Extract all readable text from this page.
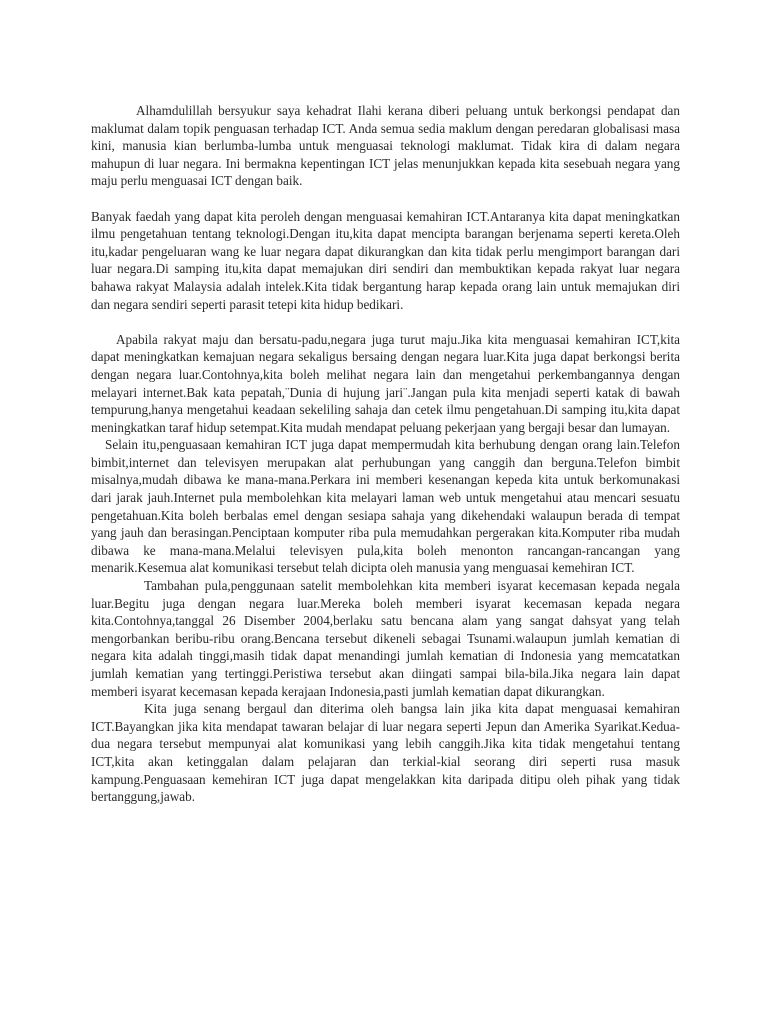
Alhamdulillah bersyukur saya kehadrat Ilahi kerana diberi peluang untuk berkongsi pendapat dan maklumat dalam topik penguasan terhadap ICT. Anda semua sedia maklum dengan peredaran globalisasi masa kini, manusia kian berlumba-lumba untuk menguasai teknologi maklumat. Tidak kira di dalam negara mahupun di luar negara. Ini bermakna kepentingan ICT jelas menunjukkan kepada kita sesebuah negara yang maju perlu menguasai ICT dengan baik.

Banyak faedah yang dapat kita peroleh dengan menguasai kemahiran ICT.Antaranya kita dapat meningkatkan ilmu pengetahuan tentang teknologi.Dengan itu,kita dapat mencipta barangan berjenama seperti kereta.Oleh itu,kadar pengeluaran wang ke luar negara dapat dikurangkan dan kita tidak perlu mengimport barangan dari luar negara.Di samping itu,kita dapat memajukan diri sendiri dan membuktikan kepada rakyat luar negara bahawa rakyat Malaysia adalah intelek.Kita tidak bergantung harap kepada orang lain untuk memajukan diri dan negara sendiri seperti parasit tetepi kita hidup bedikari.

Apabila rakyat maju dan bersatu-padu,negara juga turut maju.Jika kita menguasai kemahiran ICT,kita dapat meningkatkan kemajuan negara sekaligus bersaing dengan negara luar.Kita juga dapat berkongsi berita dengan negara luar.Contohnya,kita boleh melihat negara lain dan mengetahui perkembangannya dengan melayari internet.Bak kata pepatah,¨Dunia di hujung jari¨.Jangan pula kita menjadi seperti katak di bawah tempurung,hanya mengetahui keadaan sekeliling sahaja dan cetek ilmu pengetahuan.Di samping itu,kita dapat meningkatkan taraf hidup setempat.Kita mudah mendapat peluang pekerjaan yang bergaji besar dan lumayan.

Selain itu,penguasaan kemahiran ICT juga dapat mempermudah kita berhubung dengan orang lain.Telefon bimbit,internet dan televisyen merupakan alat perhubungan yang canggih dan berguna.Telefon bimbit misalnya,mudah dibawa ke mana-mana.Perkara ini memberi kesenangan kepeda kita untuk berkomunakasi dari jarak jauh.Internet pula membolehkan kita melayari laman web untuk mengetahui atau mencari sesuatu pengetahuan.Kita boleh berbalas emel dengan sesiapa sahaja yang dikehendaki walaupun berada di tempat yang jauh dan berasingan.Penciptaan komputer riba pula memudahkan pergerakan kita.Komputer riba mudah dibawa ke mana-mana.Melalui televisyen pula,kita boleh menonton rancangan-rancangan yang menarik.Kesemua alat komunikasi tersebut telah dicipta oleh manusia yang menguasai kemehiran ICT.

Tambahan pula,penggunaan satelit membolehkan kita memberi isyarat kecemasan kepada negala luar.Begitu juga dengan negara luar.Mereka boleh memberi isyarat kecemasan kepada negara kita.Contohnya,tanggal 26 Disember 2004,berlaku satu bencana alam yang sangat dahsyat yang telah mengorbankan beribu-ribu orang.Bencana tersebut dikeneli sebagai Tsunami.walaupun jumlah kematian di negara kita adalah tinggi,masih tidak dapat menandingi jumlah kematian di Indonesia yang memcatatkan jumlah kematian yang tertinggi.Peristiwa tersebut akan diingati sampai bila-bila.Jika negara lain dapat memberi isyarat kecemasan kepada kerajaan Indonesia,pasti jumlah kematian dapat dikurangkan.

Kita juga senang bergaul dan diterima oleh bangsa lain jika kita dapat menguasai kemahiran ICT.Bayangkan jika kita mendapat tawaran belajar di luar negara seperti Jepun dan Amerika Syarikat.Kedua-dua negara tersebut mempunyai alat komunikasi yang lebih canggih.Jika kita tidak mengetahui tentang ICT,kita akan ketinggalan dalam pelajaran dan terkial-kial seorang diri seperti rusa masuk kampung.Penguasaan kemehiran ICT juga dapat mengelakkan kita daripada ditipu oleh pihak yang tidak bertanggung,jawab.
